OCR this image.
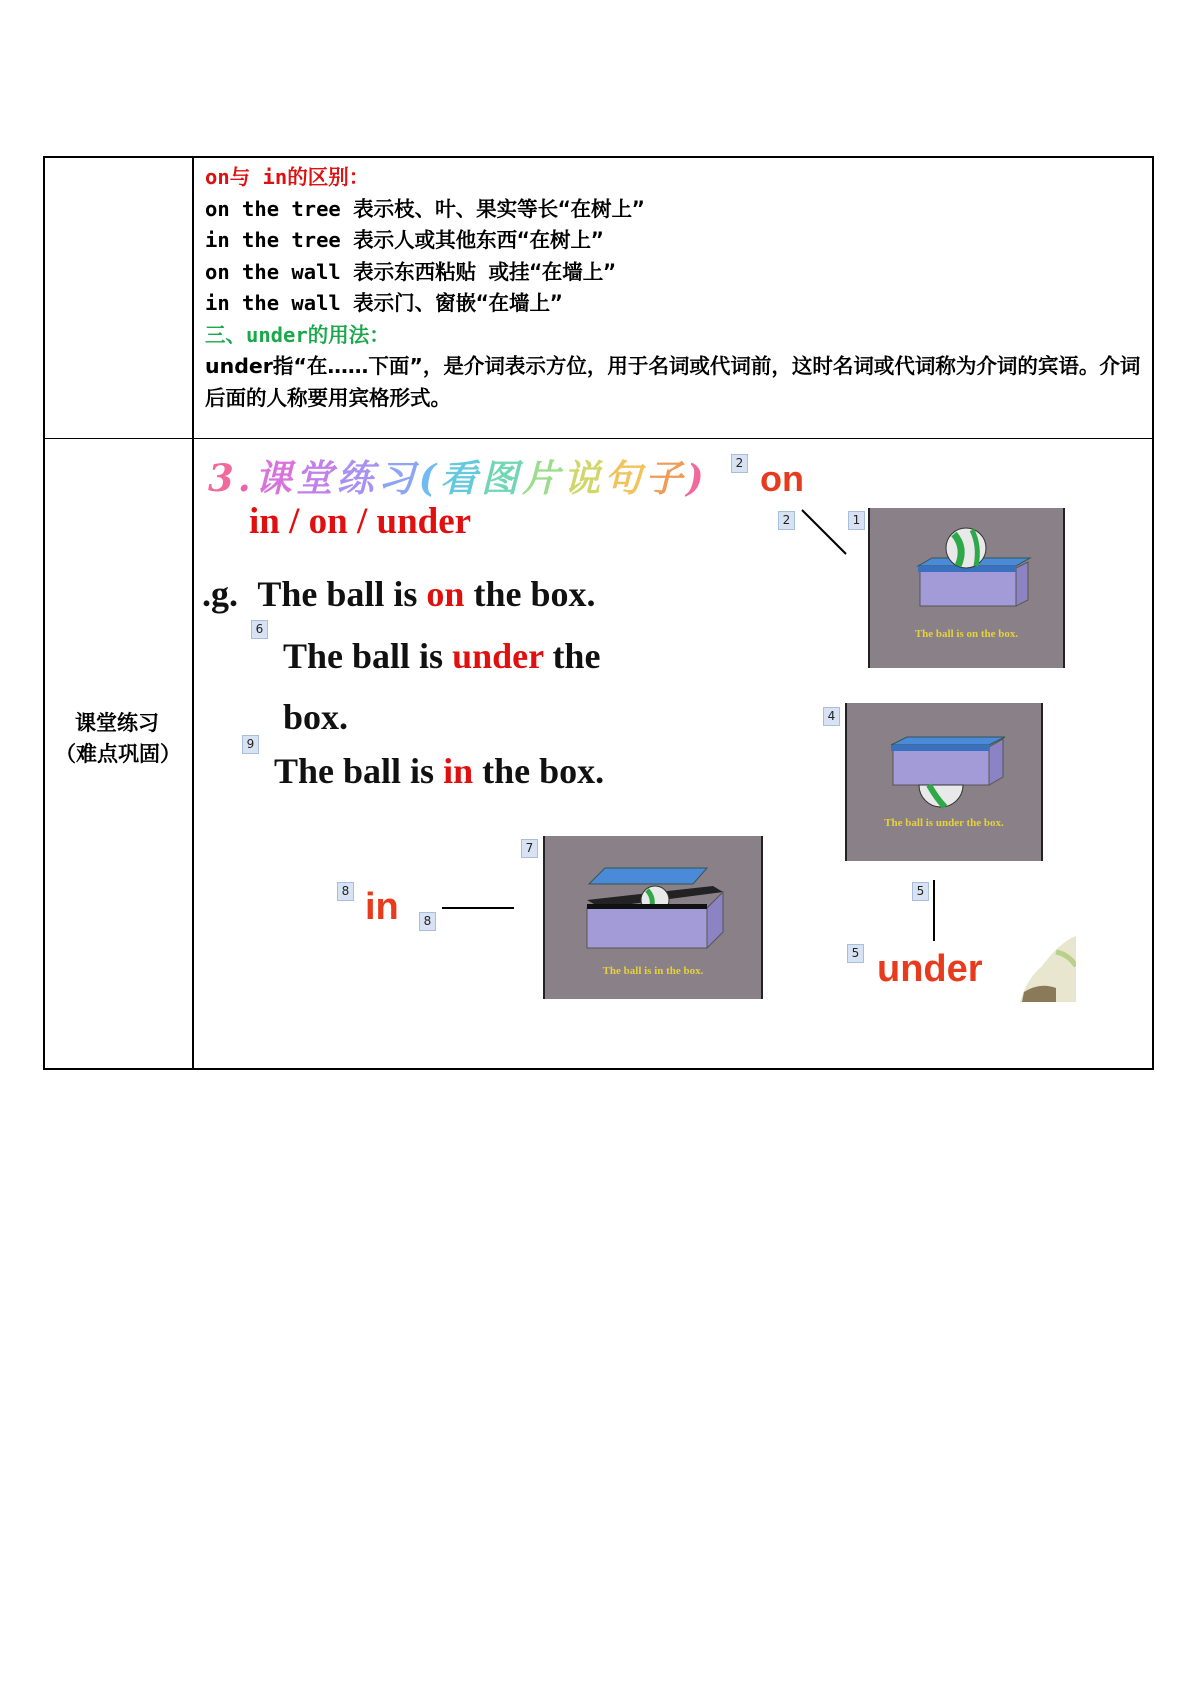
on与 in的区别：
on the tree 表示枝、叶、果实等长“在树上”
in the tree 表示人或其他东西“在树上”
on the wall 表示东西粘贴 或挂“在墙上”
in the wall 表示门、窗嵌“在墙上”
三、under的用法：
under指“在……下面”，是介词表示方位，用于名词或代词前，这时名词或代词称为介词的宾语。介词后面的人称要用宾格形式。
课堂练习（难点巩固）
3.课堂练习(看图片说句子)	2 on
in / on / under
.g. The ball is on the box.
6
The ball is under the
box.
9
The ball is in the box.
2	1
The ball is on the box.
4
The ball is under the box.
5
5 under
7
The ball is in the box.
8 in	8
